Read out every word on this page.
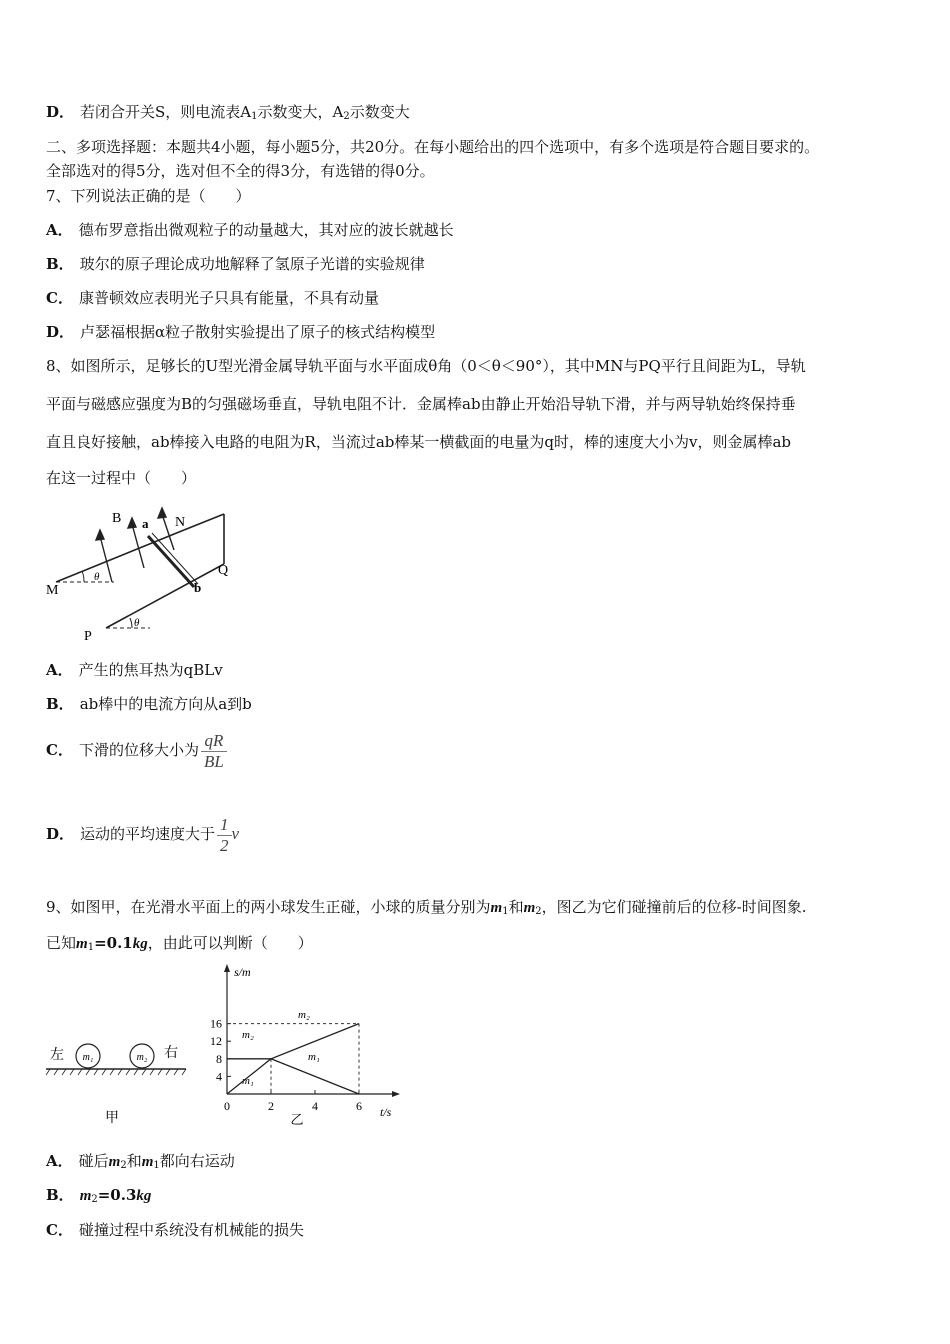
D． 若闭合开关S，则电流表$A_1$示数变大，$A_2$示数变大
二、多项选择题：本题共4小题，每小题5分，共20分。在每小题给出的四个选项中，有多个选项是符合题目要求的。
全部选对的得5分，选对但不全的得3分，有选错的得0分。
7、下列说法正确的是（　　）
A． 德布罗意指出微观粒子的动量越大，其对应的波长就越长
B． 玻尔的原子理论成功地解释了氢原子光谱的实验规律
C． 康普顿效应表明光子只具有能量，不具有动量
D． 卢瑟福根据α粒子散射实验提出了原子的核式结构模型
8、如图所示，足够长的U型光滑金属导轨平面与水平面成θ角（0＜θ＜90°），其中MN与PQ平行且间距为L，导轨
平面与磁感应强度为B的匀强磁场垂直，导轨电阻不计．金属棒ab由静止开始沿导轨下滑，并与两导轨始终保持垂
直且良好接触，ab棒接入电路的电阻为R，当流过ab棒某一横截面的电量为q时，棒的速度大小为v，则金属棒ab
在这一过程中（　　）
B a N
Q
M	b
P
θ
θ
A． 产生的焦耳热为qBLv
B． ab棒中的电流方向从a到b
C． 下滑的位移大小为 $\frac{qR}{BL}$
D． 运动的平均速度大于 $\frac{1}{2}$ v
9、如图甲，在光滑水平面上的两小球发生正碰，小球的质量分别为$m_1$和$m_2$，图乙为它们碰撞前后的位移-时间图象.
已知$m_1=0.1kg$，由此可以判断（　　）
左 m₁	m₂ 右
甲
s/m
t/s
乙
m₁
m₂
m₁
m₂
4
8
12
16
0	2	4	6
A． 碰后$m_2$和$m_1$都向右运动
B． $m_2=0.3kg$
C． 碰撞过程中系统没有机械能的损失
